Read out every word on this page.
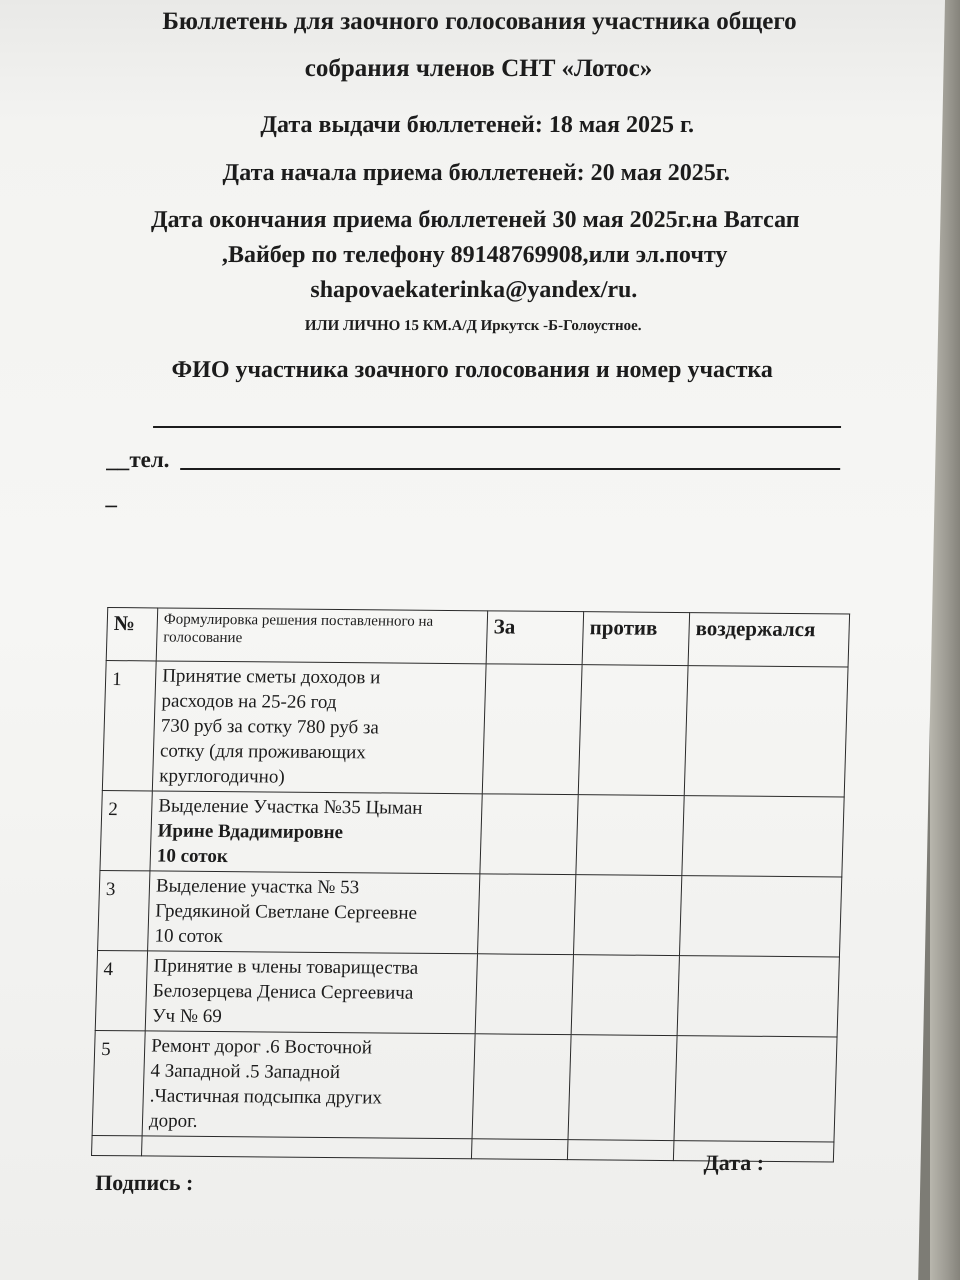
Бюллетень для заочного голосования участника общего
собрания членов СНТ «Лотос»
Дата выдачи бюллетеней: 18 мая 2025 г.
Дата начала приема бюллетеней: 20 мая 2025г.
Дата окончания приема бюллетеней 30 мая 2025г.на Ватсап
,Вайбер по телефону 89148769908,или эл.почту
shapovaekaterinka@yandex/ru.
ИЛИ ЛИЧНО 15 КМ.А/Д Иркутск -Б-Голоустное.
ФИО участника зоачного голосования и номер участка
__тел.
_
№	Формулировка решения поставленного на голосование	За	против	воздержался
1	Принятие сметы доходов и
расходов на 25-26 год
730 руб за сотку 780 руб за
сотку (для проживающих
круглогодично)			

2	Выделение Участка №35 Цыман
Ирине Вдадимировне
10 соток			

3	Выделение участка № 53
Гредякиной Светлане Сергеевне
10 соток			

4	Принятие в члены товарищества
Белозерцева Дениса Сергеевича
Уч № 69			

5	Ремонт дорог .6 Восточной
4 Западной .5 Западной
.Частичная подсыпка других
дорог.			

Дата :
Подпись :
